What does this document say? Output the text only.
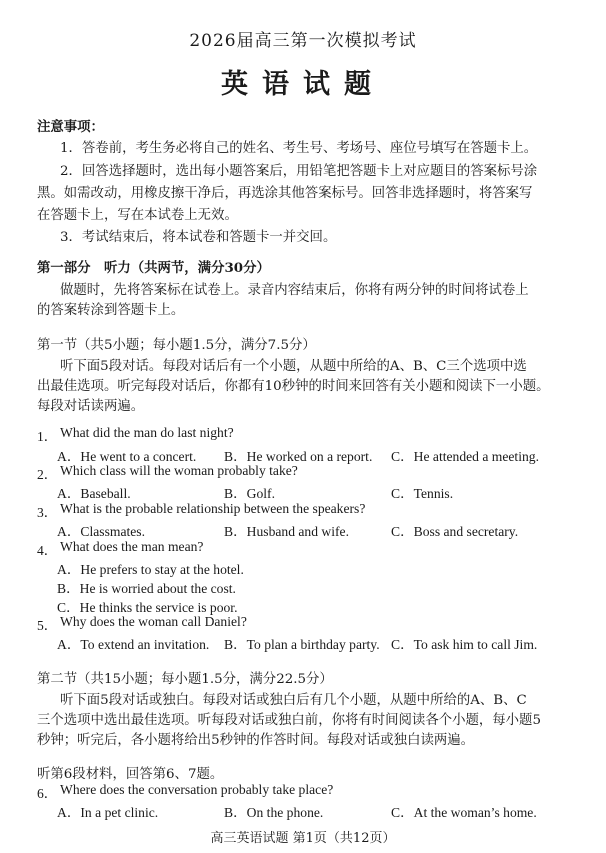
2026届高三第一次模拟考试
英语试题
注意事项：
1．答卷前，考生务必将自己的姓名、考生号、考场号、座位号填写在答题卡上。
2．回答选择题时，选出每小题答案后，用铅笔把答题卡上对应题目的答案标号涂
黑。如需改动，用橡皮擦干净后，再选涂其他答案标号。回答非选择题时，将答案写
在答题卡上，写在本试卷上无效。
3．考试结束后，将本试卷和答题卡一并交回。
第一部分　听力（共两节，满分30分）
做题时，先将答案标在试卷上。录音内容结束后，你将有两分钟的时间将试卷上
的答案转涂到答题卡上。
第一节（共5小题；每小题1.5分，满分7.5分）
听下面5段对话。每段对话后有一个小题，从题中所给的A、B、C三个选项中选
出最佳选项。听完每段对话后，你都有10秒钟的时间来回答有关小题和阅读下一小题。
每段对话读两遍。
1． What did the man do last night?
A．He went to a concert. B．He worked on a report. C．He attended a meeting.
2． Which class will the woman probably take?
A．Baseball.	B．Golf.	C．Tennis.
3． What is the probable relationship between the speakers?
A．Classmates.	B．Husband and wife.	C．Boss and secretary.
4． What does the man mean?
A．He prefers to stay at the hotel.
B．He is worried about the cost.
C．He thinks the service is poor.
5． Why does the woman call Daniel?
A．To extend an invitation. B．To plan a birthday party. C．To ask him to call Jim.
第二节（共15小题；每小题1.5分，满分22.5分）
听下面5段对话或独白。每段对话或独白后有几个小题，从题中所给的A、B、C
三个选项中选出最佳选项。听每段对话或独白前，你将有时间阅读各个小题，每小题5
秒钟；听完后，各小题将给出5秒钟的作答时间。每段对话或独白读两遍。
听第6段材料，回答第6、7题。
6． Where does the conversation probably take place?
A．In a pet clinic.	B．On the phone.	C．At the woman’s home.
高三英语试题 第1页（共12页）
